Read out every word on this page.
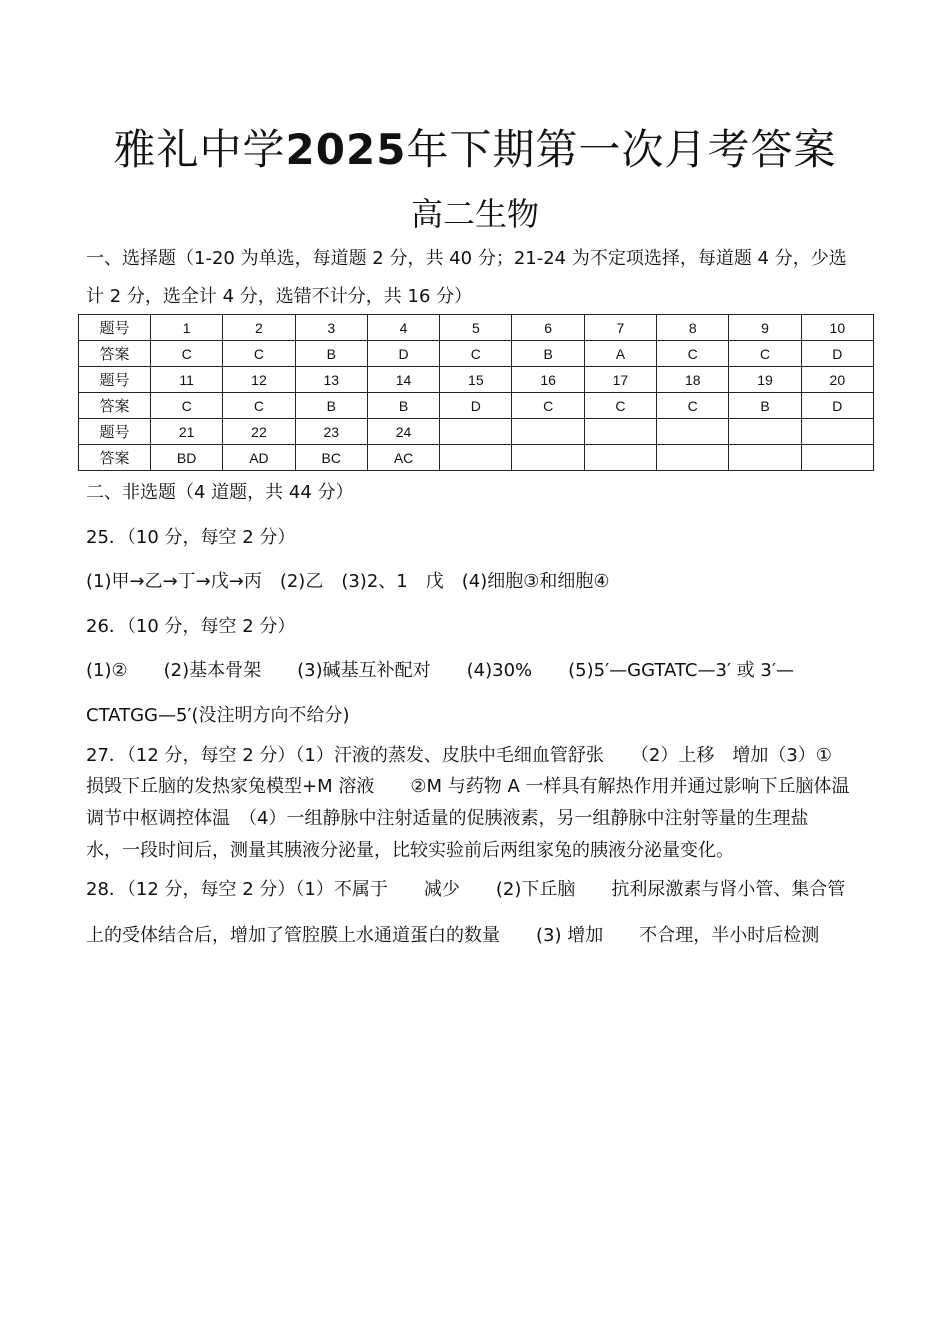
雅礼中学2025年下期第一次月考答案
高二生物
一、选择题（1-20 为单选，每道题 2 分，共 40 分；21-24 为不定项选择，每道题 4 分，少选
计 2 分，选全计 4 分，选错不计分，共 16 分）
题号	1	2	3	4	5	6	7	8	9	10
答案	C	C	B	D	C	B	A	C	C	D
题号	11	12	13	14	15	16	17	18	19	20
答案	C	C	B	B	D	C	C	C	B	D
题号	21	22	23	24						
答案	BD	AD	BC	AC						
二、非选题（4 道题，共 44 分）
25．（10 分，每空 2 分）
(1)甲→乙→丁→戊→丙　(2)乙　(3)2、1　戊　(4)细胞③和细胞④
26．（10 分，每空 2 分）
(1)②　　(2)基本骨架　　(3)碱基互补配对　　(4)30%　　(5)5′—GGTATC—3′ 或 3′—
CTATGG—5′(没注明方向不给分)
27．（12 分，每空 2 分）（1）汗液的蒸发、皮肤中毛细血管舒张　　（2）上移　增加（3）①
损毁下丘脑的发热家兔模型+M 溶液　　②M 与药物 A 一样具有解热作用并通过影响下丘脑体温
调节中枢调控体温　（4）一组静脉中注射适量的促胰液素，另一组静脉中注射等量的生理盐
水，一段时间后，测量其胰液分泌量，比较实验前后两组家兔的胰液分泌量变化。
28．（12 分，每空 2 分）（1）不属于　　减少　　(2)下丘脑　　抗利尿激素与肾小管、集合管
上的受体结合后，增加了管腔膜上水通道蛋白的数量　　(3) 增加　　不合理，半小时后检测
